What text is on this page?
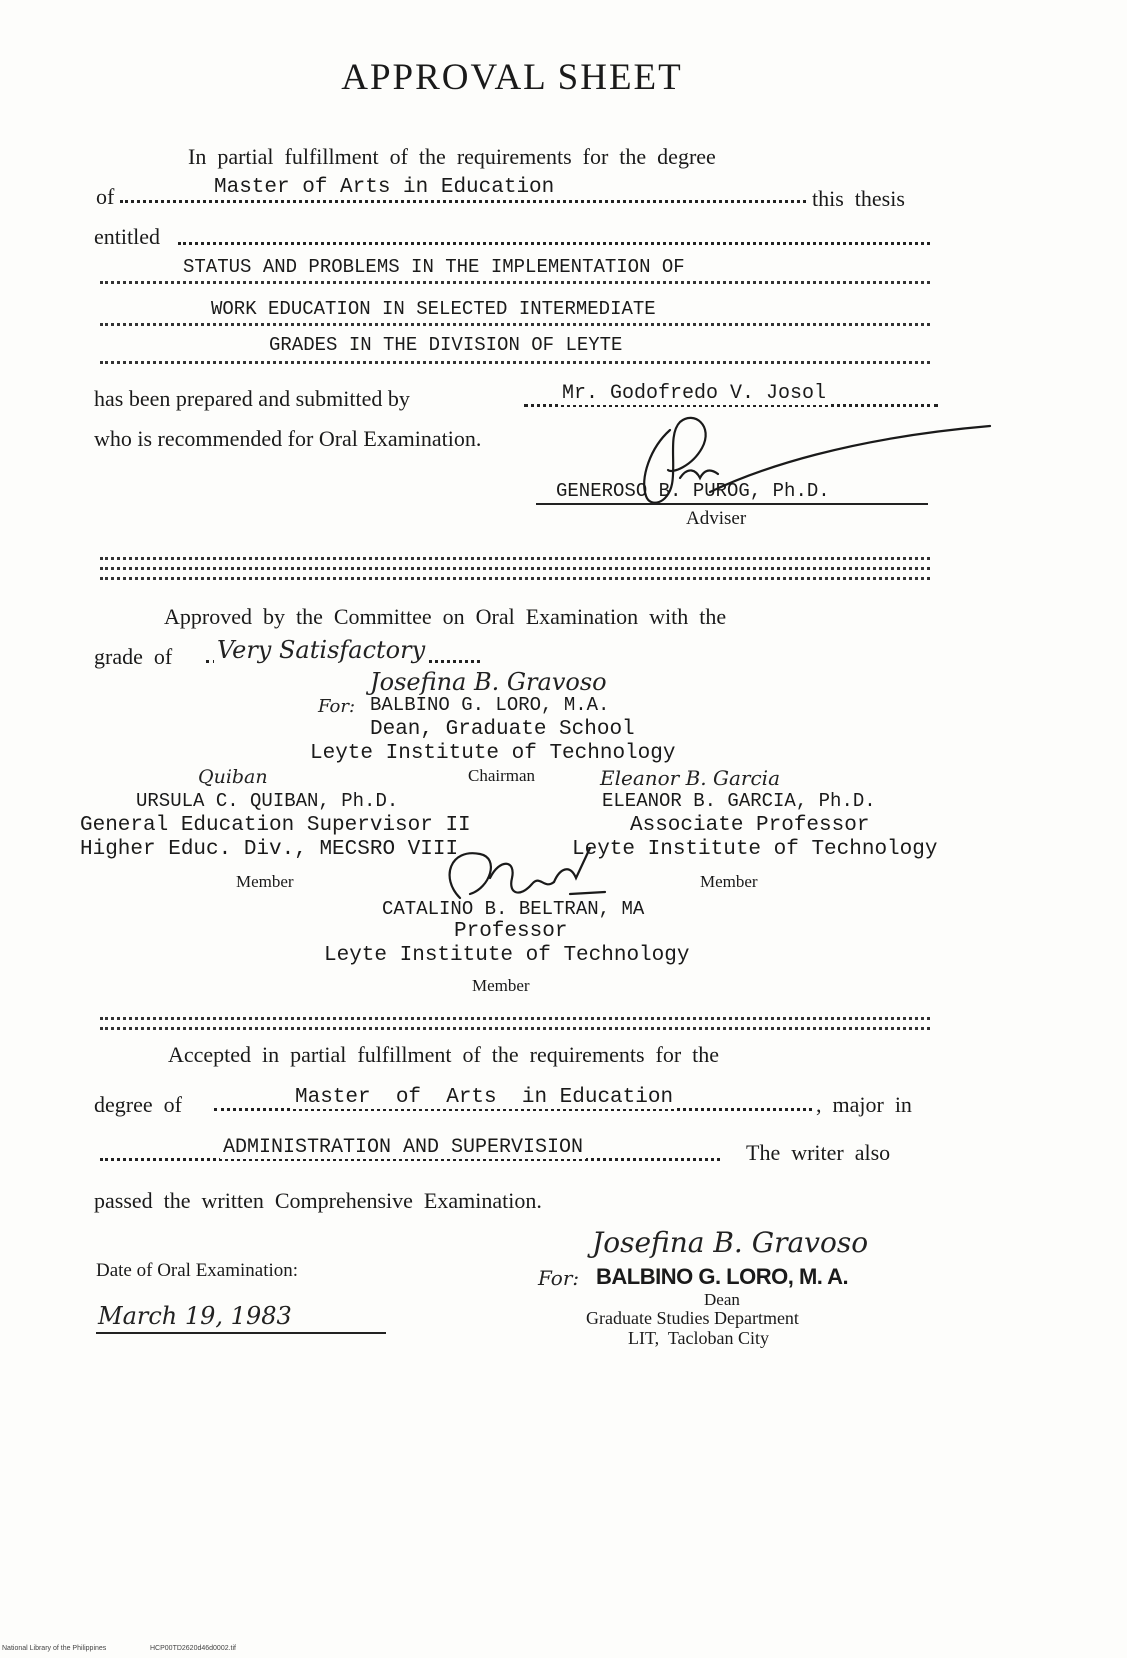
APPROVAL SHEET
In  partial  fulfillment  of  the  requirements  for  the  degree
of	Master of Arts in Education	this  thesis
entitled
STATUS AND PROBLEMS IN THE IMPLEMENTATION OF
WORK EDUCATION IN SELECTED INTERMEDIATE
GRADES IN THE DIVISION OF LEYTE
has been prepared and submitted by	Mr. Godofredo V. Josol
who is recommended for Oral Examination.
GENEROSO B. PUROG, Ph.D.
Adviser
Approved  by  the  Committee  on  Oral  Examination  with  the
grade  of Very Satisfactory
Josefina B. Gravoso
For: BALBINO G. LORO, M.A.
Dean, Graduate School
Leyte Institute of Technology
Chairman
Quiban
URSULA C. QUIBAN, Ph.D.
General Education Supervisor II
Higher Educ. Div., MECSRO VIII
Member
Eleanor B. Garcia
ELEANOR B. GARCIA, Ph.D.
Associate Professor
Leyte Institute of Technology
Member
CATALINO B. BELTRAN, MA
Professor
Leyte Institute of Technology
Member
Accepted  in  partial  fulfillment  of  the  requirements  for  the
degree  of	Master  of  Arts  in Education	,  major  in
ADMINISTRATION AND SUPERVISION	The  writer  also
passed  the  written  Comprehensive  Examination.
Date of Oral Examination:
March 19, 1983
Josefina B. Gravoso
For: BALBINO G. LORO, M. A.
Dean
Graduate Studies Department
LIT,  Tacloban City
National Library of the Philippines	HCP00TD2620d46d0002.tif
